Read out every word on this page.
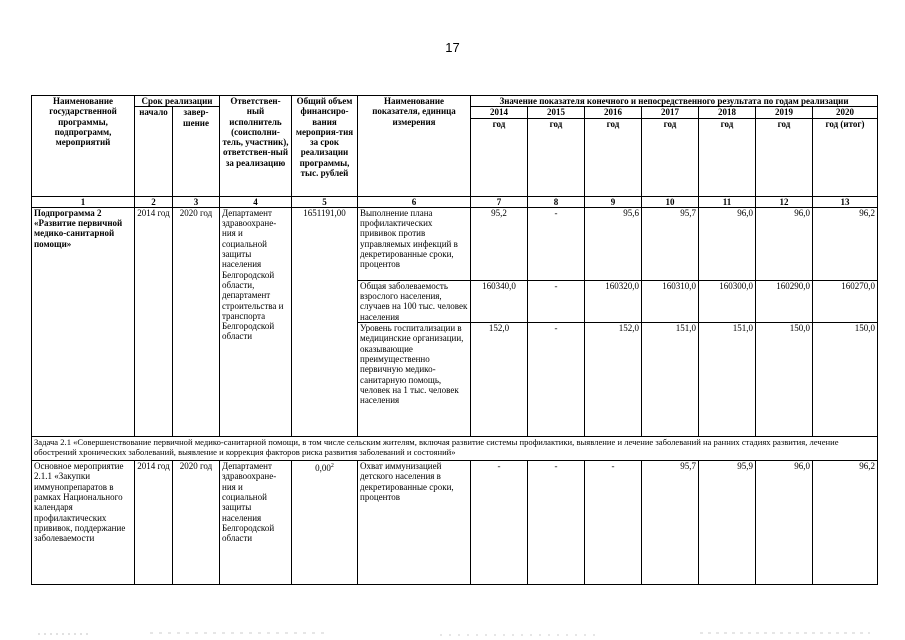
17
Наименование государственной программы, подпрограмм, мероприятий	Срок реализации		Ответствен-ный исполнитель (соисполни-тель, участник), ответствен-ный за реализацию	Общий объем финансиро-вания мероприя-тия за срок реализации программы, тыс. рублей	Наименование показателя, единица измерения	Значение показателя конечного и непосредственного результата по годам реализации						
	начало	завер-шение				2014	2015	2016	2017	2018	2019	2020
						год	год	год	год	год	год	год (итог)
1	2	3	4	5	6	7	8	9	10	11	12	13
Подпрограмма 2 «Развитие первичной медико-санитарной помощи»	2014 год	2020 год	Департамент здравоохране-ния и социальной защиты населения Белгородской области, департамент строительства и транспорта Белгородской области	1651191,00	Выполнение плана профилактических прививок против управляемых инфекций в декретированные сроки, процентов	95,2	-	95,6	95,7	96,0	96,0	96,2
					Общая заболеваемость взрослого населения, случаев на 100 тыс. человек населения	160340,0	-	160320,0	160310,0	160300,0	160290,0	160270,0
					Уровень госпитализации в медицинские организации, оказывающие преимущественно первичную медико-санитарную помощь, человек на 1 тыс. человек населения	152,0	-	152,0	151,0	151,0	150,0	150,0
Задача 2.1 «Совершенствование первичной медико-санитарной помощи, в том числе сельским жителям, включая развитие системы профилактики, выявление и лечение заболеваний на ранних стадиях развития, лечение обострений хронических заболеваний, выявление и коррекция факторов риска развития заболеваний и состояний»												
Основное мероприятие 2.1.1 «Закупки иммунопрепаратов в рамках Национального календаря профилактических прививок, поддержание заболеваемости	2014 год	2020 год	Департамент здравоохране-ния и социальной защиты населения Белгородской области	0,00$^2$	Охват иммунизацией детского населения в декретированные сроки, процентов	-	-	-	95,7	95,9	96,0	96,2
